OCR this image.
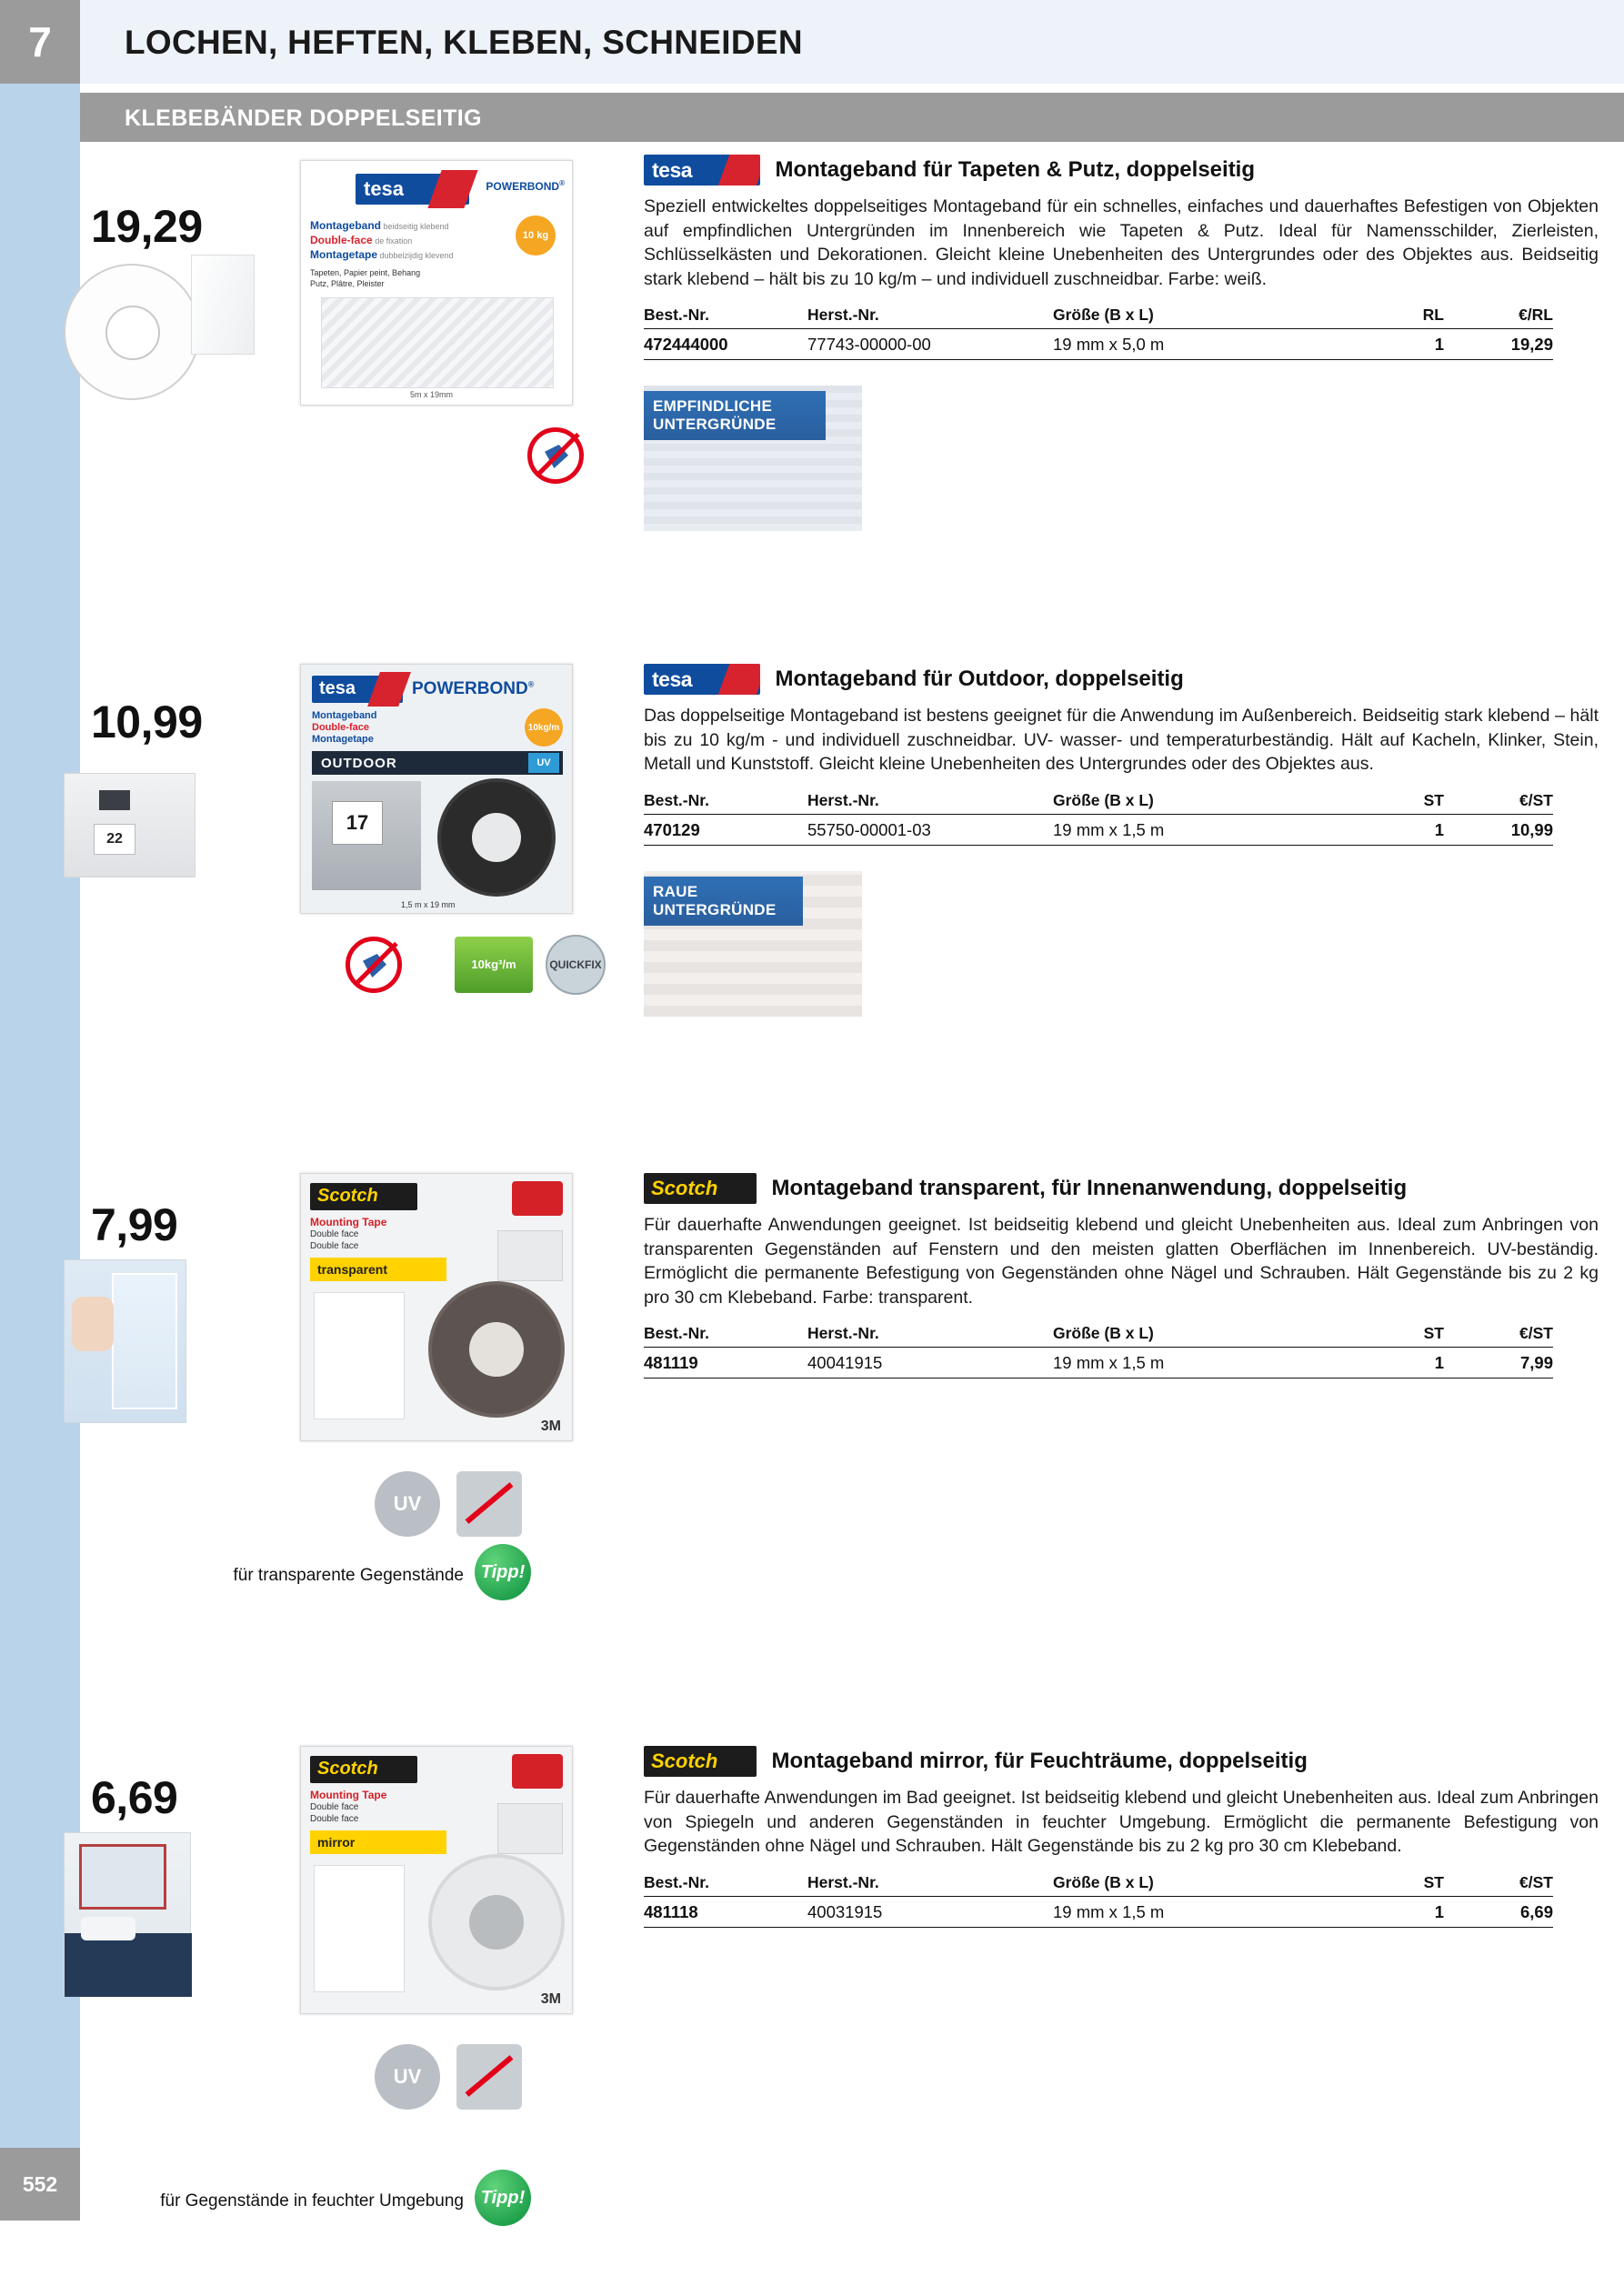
7	LOCHEN, HEFTEN, KLEBEN, SCHNEIDEN
KLEBEBÄNDER DOPPELSEITIG
552
19,29
tesa	POWERBOND®
Montageband beidseitig klebend
Double-face de fixation
Montagetape dubbelzijdig klevend
Tapeten, Papier peint, Behang
Putz, Plâtre, Pleister
10 kg
5m x 19mm
tesa	Montageband für Tapeten & Putz, doppelseitig
Speziell entwickeltes doppelseitiges Montageband für ein schnelles, einfaches und dauerhaftes Befestigen von Objekten auf empfindlichen Untergründen im Innenbereich wie Tapeten & Putz. Ideal für Namensschilder, Zierleisten, Schlüsselkästen und Dekorationen. Gleicht kleine Unebenheiten des Untergrundes oder des Objektes aus. Beidseitig stark klebend – hält bis zu 10 kg/m – und individuell zuschneidbar. Farbe: weiß.
Best.-Nr.	Herst.-Nr.	Größe (B x L)	RL	€/RL
472444000	77743-00000-00	19 mm x 5,0 m	1	19,29
EMPFINDLICHE UNTERGRÜNDE
10,99
22
tesa	POWERBOND®
Montageband
Double-face
Montagetape
10kg/m
OUTDOOR	UV
17
1,5 m x 19 mm
10kg³/m	QUICKFIX
tesa	Montageband für Outdoor, doppelseitig
Das doppelseitige Montageband ist bestens geeignet für die Anwendung im Außenbereich. Beidseitig stark klebend – hält bis zu 10 kg/m - und individuell zuschneidbar. UV- wasser- und temperaturbeständig. Hält auf Kacheln, Klinker, Stein, Metall und Kunststoff. Gleicht kleine Unebenheiten des Untergrundes oder des Objektes aus.
Best.-Nr.	Herst.-Nr.	Größe (B x L)	ST	€/ST
470129	55750-00001-03	19 mm x 1,5 m	1	10,99
RAUE UNTERGRÜNDE
7,99
Scotch
Mounting Tape
Double face
Double face
transparent
3M
UV
für transparente Gegenstände Tipp!
Scotch Montageband transparent, für Innenanwendung, doppelseitig
Für dauerhafte Anwendungen geeignet. Ist beidseitig klebend und gleicht Unebenheiten aus. Ideal zum Anbringen von transparenten Gegenständen auf Fenstern und den meisten glatten Oberflächen im Innenbereich. UV-beständig. Ermöglicht die permanente Befestigung von Gegenständen ohne Nägel und Schrauben. Hält Gegenstände bis zu 2 kg pro 30 cm Klebeband. Farbe: transparent.
Best.-Nr.	Herst.-Nr.	Größe (B x L)	ST	€/ST
481119	40041915	19 mm x 1,5 m	1	7,99
6,69
Scotch
Mounting Tape
Double face
Double face
mirror
3M
UV
für Gegenstände in feuchter Umgebung Tipp!
Scotch Montageband mirror, für Feuchträume, doppelseitig
Für dauerhafte Anwendungen im Bad geeignet. Ist beidseitig klebend und gleicht Unebenheiten aus. Ideal zum Anbringen von Spiegeln und anderen Gegenständen in feuchter Umgebung. Ermöglicht die permanente Befestigung von Gegenständen ohne Nägel und Schrauben. Hält Gegenstände bis zu 2 kg pro 30 cm Klebeband.
Best.-Nr.	Herst.-Nr.	Größe (B x L)	ST	€/ST
481118	40031915	19 mm x 1,5 m	1	6,69
